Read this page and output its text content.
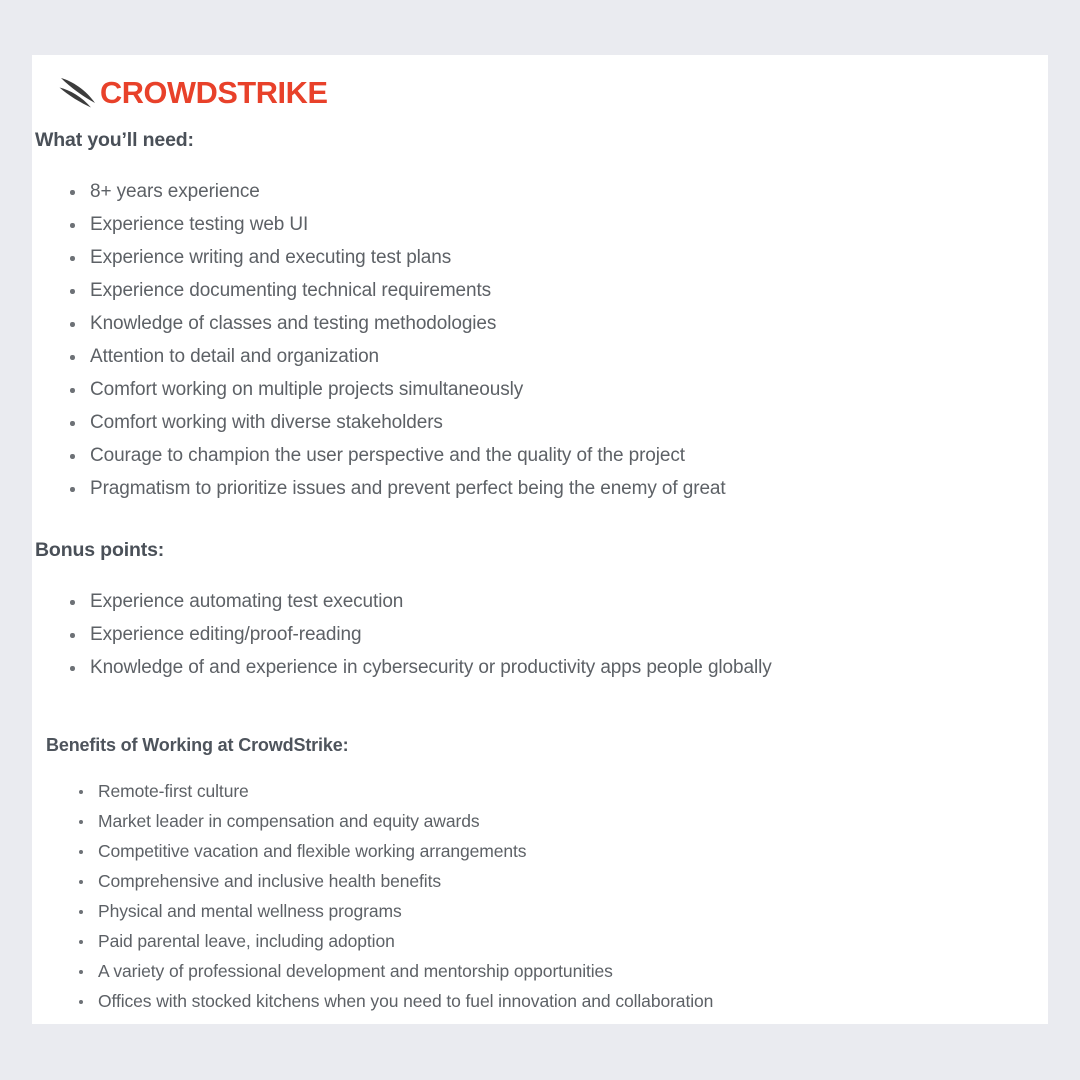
CROWDSTRIKE
What you’ll need:
8+ years experience
Experience testing web UI
Experience writing and executing test plans
Experience documenting technical requirements
Knowledge of classes and testing methodologies
Attention to detail and organization
Comfort working on multiple projects simultaneously
Comfort working with diverse stakeholders
Courage to champion the user perspective and the quality of the project
Pragmatism to prioritize issues and prevent perfect being the enemy of great
Bonus points:
Experience automating test execution
Experience editing/proof-reading
Knowledge of and experience in cybersecurity or productivity apps people globally
Benefits of Working at CrowdStrike:
Remote-first culture
Market leader in compensation and equity awards
Competitive vacation and flexible working arrangements
Comprehensive and inclusive health benefits
Physical and mental wellness programs
Paid parental leave, including adoption
A variety of professional development and mentorship opportunities
Offices with stocked kitchens when you need to fuel innovation and collaboration
